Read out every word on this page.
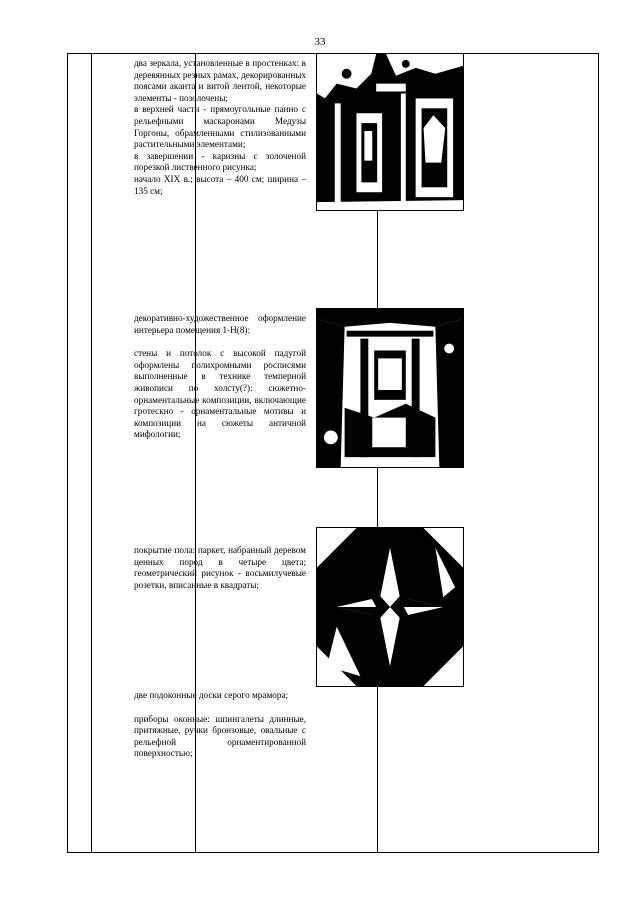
33

два зеркала, установленные в простенках: в деревянных резных рамах, декорированных поясами аканта и витой лентой, некоторые элементы - позолочены;

в верхней части - прямоугольные панно с рельефными маскаронами Медузы Горгоны, обрамленными стилизованными растительными элементами;

в завершении - каризны с золоченой порезкой лиственного рисунка;

начало XIX в.; высота – 400 см; ширина – 135 см;

декоративно-художественное оформление интерьера помещения 1-Н(8):

стены и потолок с высокой падугой оформлены полихромными росписями выполненные в технике темперной живописи по холсту(?): сюжетно-орнаментальные композиции, включающие гротескно - орнаментальные мотивы и композиции на сюжеты античной мифологии;

покрытие пола: паркет, набранный деревом ценных пород в четыре цвета; геометрический рисунок - восьмилучевые розетки, вписанные в квадраты;

две подоконные доски серого мрамора;

приборы оконные: шпингалеты длинные, притяжные, ручки бронзовые, овальные с рельефной орнаментированной поверхностью;
